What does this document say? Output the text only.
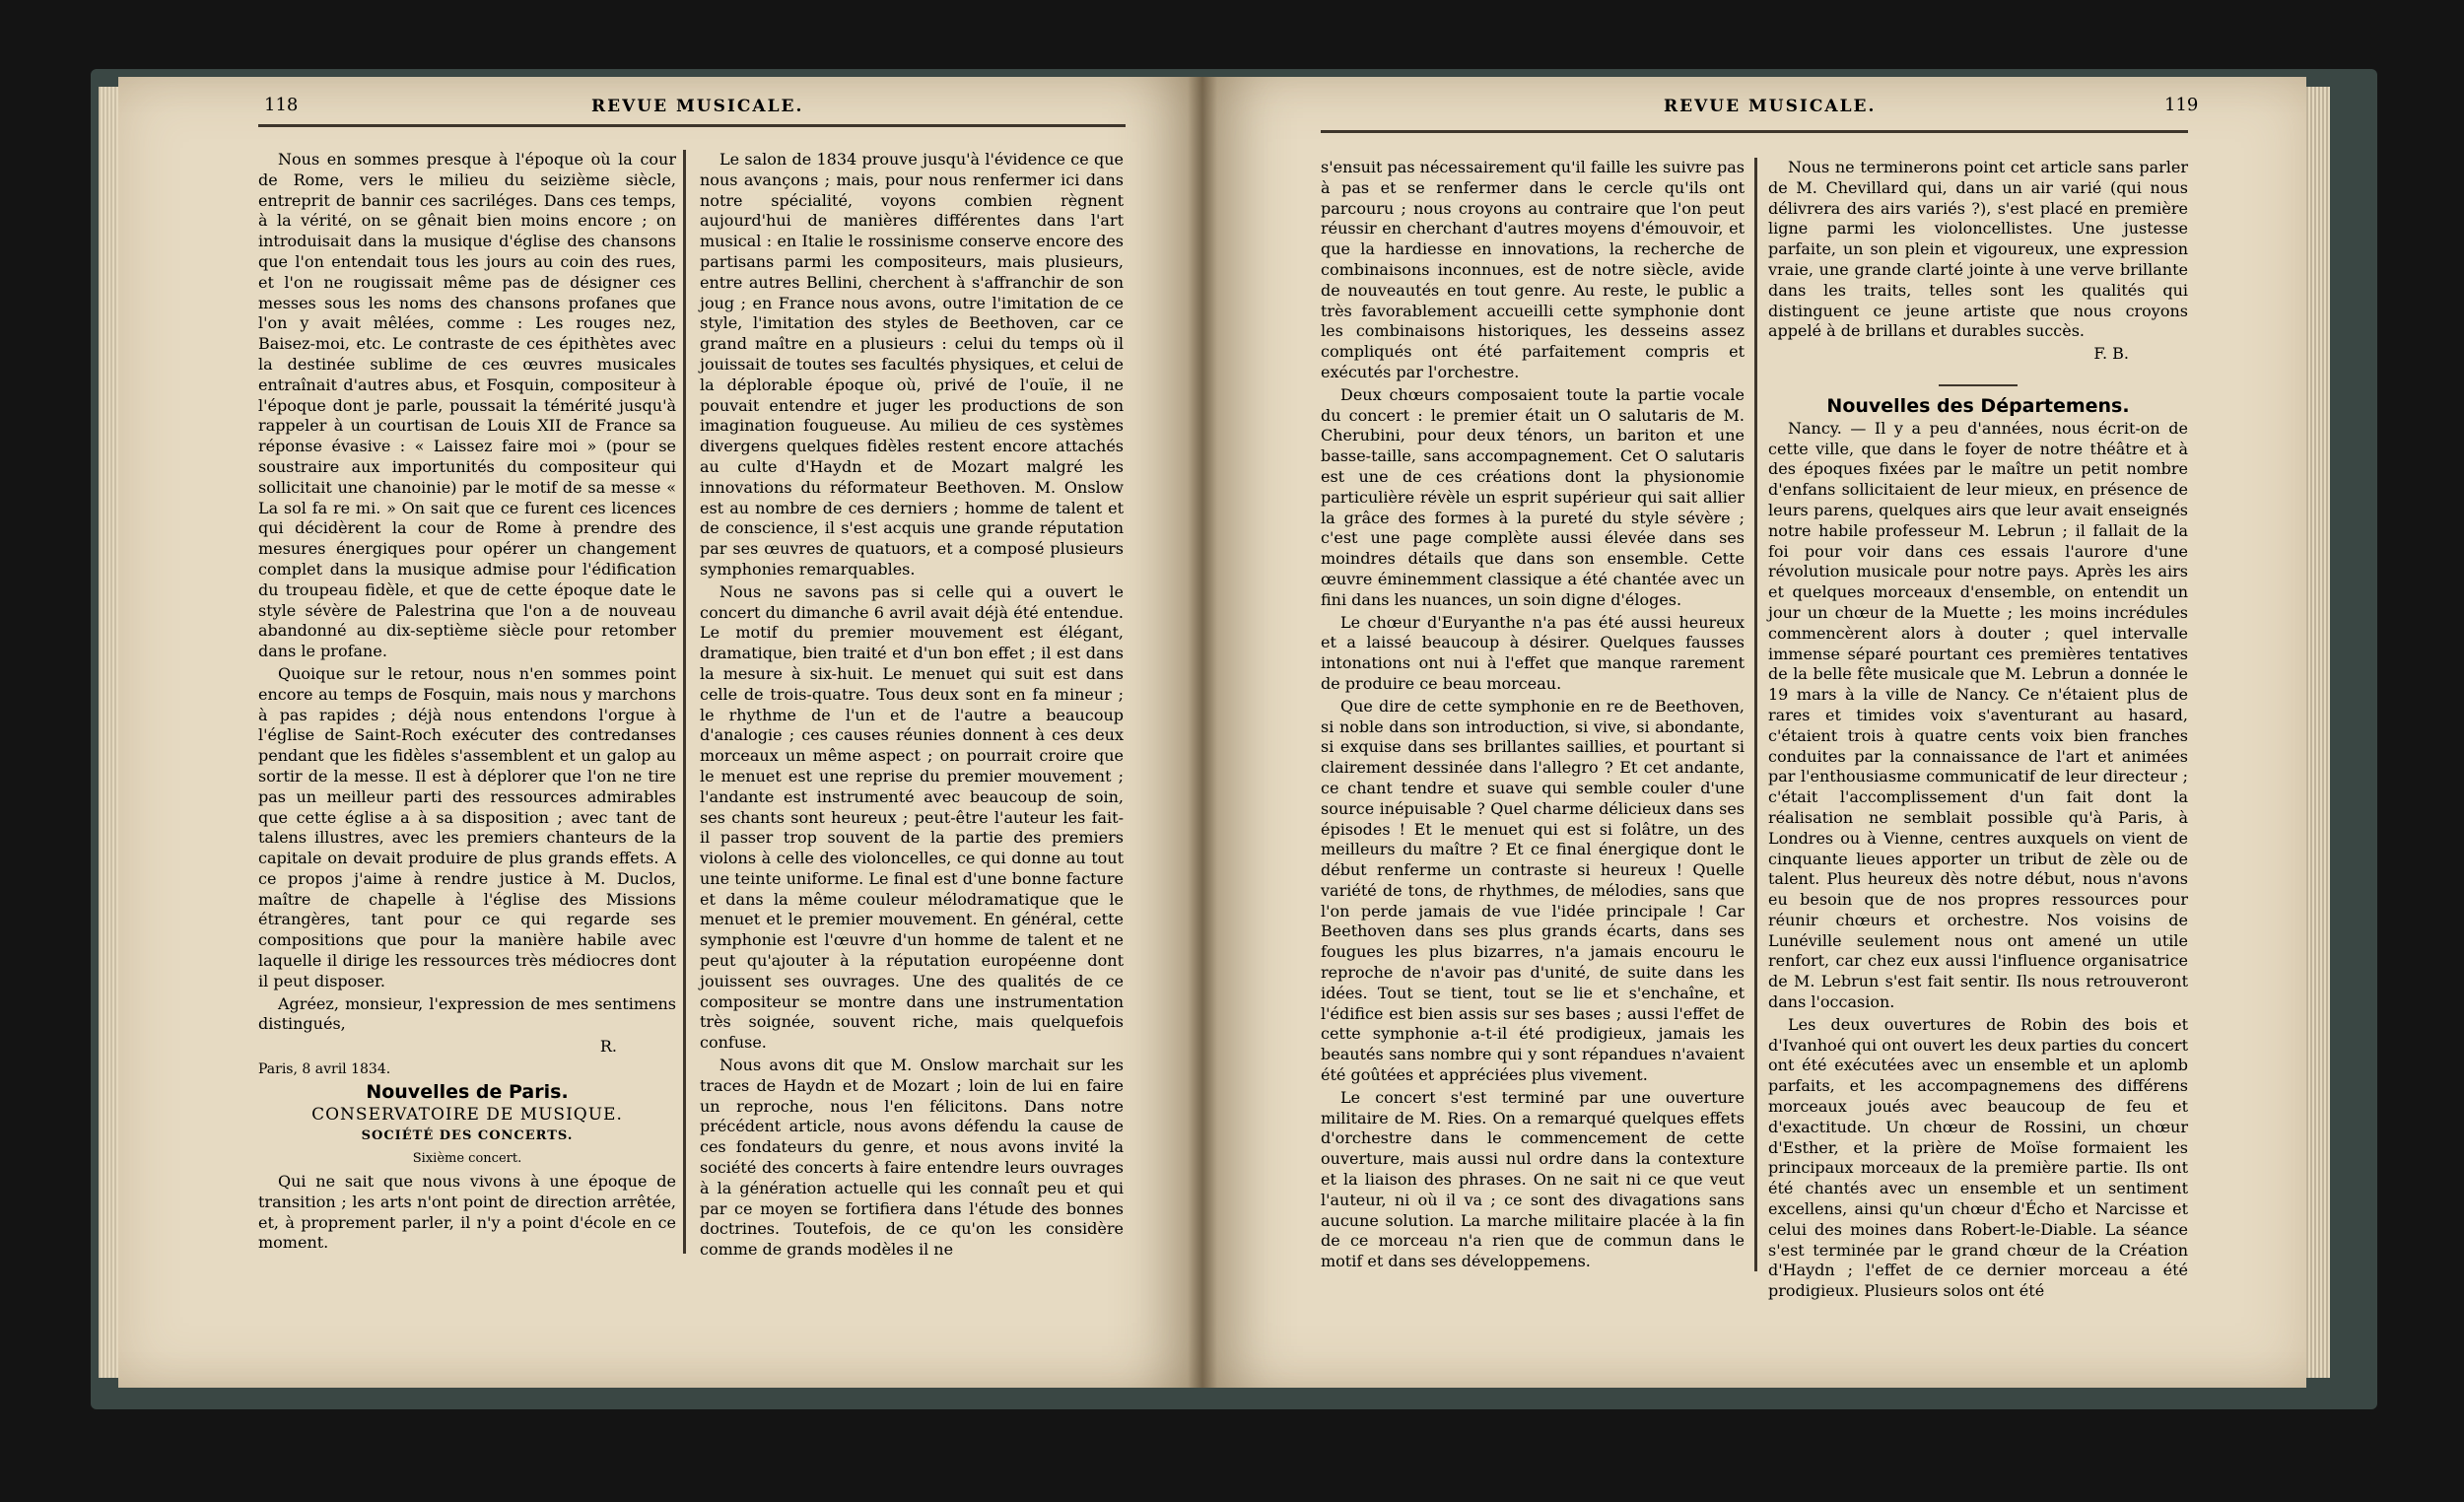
118	REVUE MUSICALE.

Nous en sommes presque à l'époque où la cour de Rome, vers le milieu du seizième siècle, entreprit de bannir ces sacriléges. Dans ces temps, à la vérité, on se gênait bien moins encore ; on introduisait dans la musique d'église des chansons que l'on entendait tous les jours au coin des rues, et l'on ne rougissait même pas de désigner ces messes sous les noms des chansons profanes que l'on y avait mêlées, comme : Les rouges nez, Baisez-moi, etc. Le contraste de ces épithètes avec la destinée sublime de ces œuvres musicales entraînait d'autres abus, et Fosquin, compositeur à l'époque dont je parle, poussait la témérité jusqu'à rappeler à un courtisan de Louis XII de France sa réponse évasive : « Laissez faire moi » (pour se soustraire aux importunités du compositeur qui sollicitait une chanoinie) par le motif de sa messe « La sol fa re mi. » On sait que ce furent ces licences qui décidèrent la cour de Rome à prendre des mesures énergiques pour opérer un changement complet dans la musique admise pour l'édification du troupeau fidèle, et que de cette époque date le style sévère de Palestrina que l'on a de nouveau abandonné au dix-septième siècle pour retomber dans le profane.

Quoique sur le retour, nous n'en sommes point encore au temps de Fosquin, mais nous y marchons à pas rapides ; déjà nous entendons l'orgue à l'église de Saint-Roch exécuter des contredanses pendant que les fidèles s'assemblent et un galop au sortir de la messe. Il est à déplorer que l'on ne tire pas un meilleur parti des ressources admirables que cette église a à sa disposition ; avec tant de talens illustres, avec les premiers chanteurs de la capitale on devait produire de plus grands effets. A ce propos j'aime à rendre justice à M. Duclos, maître de chapelle à l'église des Missions étrangères, tant pour ce qui regarde ses compositions que pour la manière habile avec laquelle il dirige les ressources très médiocres dont il peut disposer.

Agréez, monsieur, l'expression de mes sentimens distingués,

R.

Paris, 8 avril 1834.

Nouvelles de Paris.

CONSERVATOIRE DE MUSIQUE.

SOCIÉTÉ DES CONCERTS.

Sixième concert.

Qui ne sait que nous vivons à une époque de transition ; les arts n'ont point de direction arrêtée, et, à proprement parler, il n'y a point d'école en ce moment.

Le salon de 1834 prouve jusqu'à l'évidence ce que nous avançons ; mais, pour nous renfermer ici dans notre spécialité, voyons combien règnent aujourd'hui de manières différentes dans l'art musical : en Italie le rossinisme conserve encore des partisans parmi les compositeurs, mais plusieurs, entre autres Bellini, cherchent à s'affranchir de son joug ; en France nous avons, outre l'imitation de ce style, l'imitation des styles de Beethoven, car ce grand maître en a plusieurs : celui du temps où il jouissait de toutes ses facultés physiques, et celui de la déplorable époque où, privé de l'ouïe, il ne pouvait entendre et juger les productions de son imagination fougueuse. Au milieu de ces systèmes divergens quelques fidèles restent encore attachés au culte d'Haydn et de Mozart malgré les innovations du réformateur Beethoven. M. Onslow est au nombre de ces derniers ; homme de talent et de conscience, il s'est acquis une grande réputation par ses œuvres de quatuors, et a composé plusieurs symphonies remarquables.

Nous ne savons pas si celle qui a ouvert le concert du dimanche 6 avril avait déjà été entendue. Le motif du premier mouvement est élégant, dramatique, bien traité et d'un bon effet ; il est dans la mesure à six-huit. Le menuet qui suit est dans celle de trois-quatre. Tous deux sont en fa mineur ; le rhythme de l'un et de l'autre a beaucoup d'analogie ; ces causes réunies donnent à ces deux morceaux un même aspect ; on pourrait croire que le menuet est une reprise du premier mouvement ; l'andante est instrumenté avec beaucoup de soin, ses chants sont heureux ; peut-être l'auteur les fait-il passer trop souvent de la partie des premiers violons à celle des violoncelles, ce qui donne au tout une teinte uniforme. Le final est d'une bonne facture et dans la même couleur mélodramatique que le menuet et le premier mouvement. En général, cette symphonie est l'œuvre d'un homme de talent et ne peut qu'ajouter à la réputation européenne dont jouissent ses ouvrages. Une des qualités de ce compositeur se montre dans une instrumentation très soignée, souvent riche, mais quelquefois confuse.

Nous avons dit que M. Onslow marchait sur les traces de Haydn et de Mozart ; loin de lui en faire un reproche, nous l'en félicitons. Dans notre précédent article, nous avons défendu la cause de ces fondateurs du genre, et nous avons invité la société des concerts à faire entendre leurs ouvrages à la génération actuelle qui les connaît peu et qui par ce moyen se fortifiera dans l'étude des bonnes doctrines. Toutefois, de ce qu'on les considère comme de grands modèles il ne

REVUE MUSICALE.	119

s'ensuit pas nécessairement qu'il faille les suivre pas à pas et se renfermer dans le cercle qu'ils ont parcouru ; nous croyons au contraire que l'on peut réussir en cherchant d'autres moyens d'émouvoir, et que la hardiesse en innovations, la recherche de combinaisons inconnues, est de notre siècle, avide de nouveautés en tout genre. Au reste, le public a très favorablement accueilli cette symphonie dont les combinaisons historiques, les desseins assez compliqués ont été parfaitement compris et exécutés par l'orchestre.

Deux chœurs composaient toute la partie vocale du concert : le premier était un O salutaris de M. Cherubini, pour deux ténors, un bariton et une basse-taille, sans accompagnement. Cet O salutaris est une de ces créations dont la physionomie particulière révèle un esprit supérieur qui sait allier la grâce des formes à la pureté du style sévère ; c'est une page complète aussi élevée dans ses moindres détails que dans son ensemble. Cette œuvre éminemment classique a été chantée avec un fini dans les nuances, un soin digne d'éloges.

Le chœur d'Euryanthe n'a pas été aussi heureux et a laissé beaucoup à désirer. Quelques fausses intonations ont nui à l'effet que manque rarement de produire ce beau morceau.

Que dire de cette symphonie en re de Beethoven, si noble dans son introduction, si vive, si abondante, si exquise dans ses brillantes saillies, et pourtant si clairement dessinée dans l'allegro ? Et cet andante, ce chant tendre et suave qui semble couler d'une source inépuisable ? Quel charme délicieux dans ses épisodes ! Et le menuet qui est si folâtre, un des meilleurs du maître ? Et ce final énergique dont le début renferme un contraste si heureux ! Quelle variété de tons, de rhythmes, de mélodies, sans que l'on perde jamais de vue l'idée principale ! Car Beethoven dans ses plus grands écarts, dans ses fougues les plus bizarres, n'a jamais encouru le reproche de n'avoir pas d'unité, de suite dans les idées. Tout se tient, tout se lie et s'enchaîne, et l'édifice est bien assis sur ses bases ; aussi l'effet de cette symphonie a-t-il été prodigieux, jamais les beautés sans nombre qui y sont répandues n'avaient été goûtées et appréciées plus vivement.

Le concert s'est terminé par une ouverture militaire de M. Ries. On a remarqué quelques effets d'orchestre dans le commencement de cette ouverture, mais aussi nul ordre dans la contexture et la liaison des phrases. On ne sait ni ce que veut l'auteur, ni où il va ; ce sont des divagations sans aucune solution. La marche militaire placée à la fin de ce morceau n'a rien que de commun dans le motif et dans ses développemens.

Nous ne terminerons point cet article sans parler de M. Chevillard qui, dans un air varié (qui nous délivrera des airs variés ?), s'est placé en première ligne parmi les violoncellistes. Une justesse parfaite, un son plein et vigoureux, une expression vraie, une grande clarté jointe à une verve brillante dans les traits, telles sont les qualités qui distinguent ce jeune artiste que nous croyons appelé à de brillans et durables succès.

F. B.

Nouvelles des Départemens.

Nancy. — Il y a peu d'années, nous écrit-on de cette ville, que dans le foyer de notre théâtre et à des époques fixées par le maître un petit nombre d'enfans sollicitaient de leur mieux, en présence de leurs parens, quelques airs que leur avait enseignés notre habile professeur M. Lebrun ; il fallait de la foi pour voir dans ces essais l'aurore d'une révolution musicale pour notre pays. Après les airs et quelques morceaux d'ensemble, on entendit un jour un chœur de la Muette ; les moins incrédules commencèrent alors à douter ; quel intervalle immense séparé pourtant ces premières tentatives de la belle fête musicale que M. Lebrun a donnée le 19 mars à la ville de Nancy. Ce n'étaient plus de rares et timides voix s'aventurant au hasard, c'étaient trois à quatre cents voix bien franches conduites par la connaissance de l'art et animées par l'enthousiasme communicatif de leur directeur ; c'était l'accomplissement d'un fait dont la réalisation ne semblait possible qu'à Paris, à Londres ou à Vienne, centres auxquels on vient de cinquante lieues apporter un tribut de zèle ou de talent. Plus heureux dès notre début, nous n'avons eu besoin que de nos propres ressources pour réunir chœurs et orchestre. Nos voisins de Lunéville seulement nous ont amené un utile renfort, car chez eux aussi l'influence organisatrice de M. Lebrun s'est fait sentir. Ils nous retrouveront dans l'occasion.

Les deux ouvertures de Robin des bois et d'Ivanhoé qui ont ouvert les deux parties du concert ont été exécutées avec un ensemble et un aplomb parfaits, et les accompagnemens des différens morceaux joués avec beaucoup de feu et d'exactitude. Un chœur de Rossini, un chœur d'Esther, et la prière de Moïse formaient les principaux morceaux de la première partie. Ils ont été chantés avec un ensemble et un sentiment excellens, ainsi qu'un chœur d'Écho et Narcisse et celui des moines dans Robert-le-Diable. La séance s'est terminée par le grand chœur de la Création d'Haydn ; l'effet de ce dernier morceau a été prodigieux. Plusieurs solos ont été
